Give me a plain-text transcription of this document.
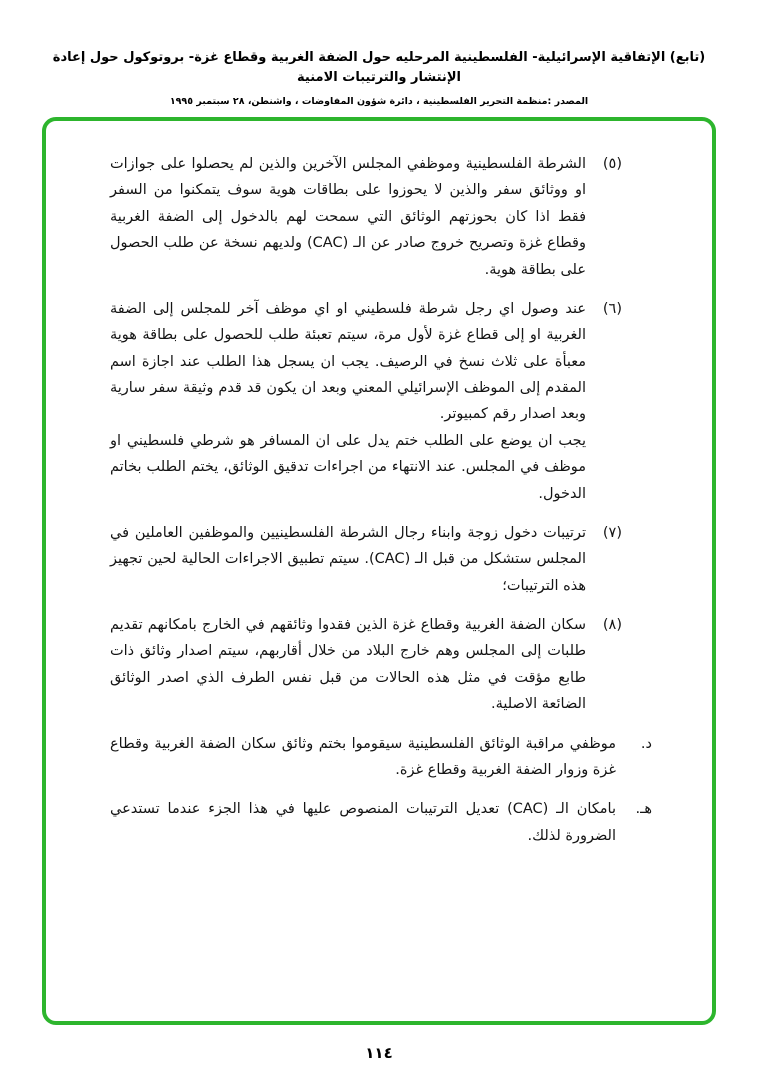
(تابع) الإتفاقية الإسرائيلية- الفلسطينية المرحليه حول الضفة الغربية وقطاع غزة- بروتوكول حول إعادة الإنتشار والترتيبات الامنية
المصدر :منظمة التحرير الفلسطينية ، دائرة شؤون المفاوضات ، واشنطن، ٢٨ سبتمبر ١٩٩٥
(٥)

الشرطة الفلسطينية وموظفي المجلس الآخرين والذين لم يحصلوا على جوازات او ووثائق سفر والذين لا يحوزوا على بطاقات هوية سوف يتمكنوا من السفر فقط اذا كان بحوزتهم الوثائق التي سمحت لهم بالدخول إلى الضفة الغربية وقطاع غزة وتصريح خروج صادر عن الـ (CAC) ولديهم نسخة عن طلب الحصول على بطاقة هوية.

(٦)

عند وصول اي رجل شرطة فلسطيني او اي موظف آخر للمجلس إلى الضفة الغربية او إلى قطاع غزة لأول مرة، سيتم تعبئة طلب للحصول على بطاقة هوية معبأة على ثلاث نسخ في الرصيف. يجب ان يسجل هذا الطلب عند اجازة اسم المقدم إلى الموظف الإسرائيلي المعني وبعد ان يكون قد قدم وثيقة سفر سارية وبعد اصدار رقم كمبيوتر.

يجب ان يوضع على الطلب ختم يدل على ان المسافر هو شرطي فلسطيني او موظف في المجلس. عند الانتهاء من اجراءات تدقيق الوثائق، يختم الطلب بخاتم الدخول.

(٧)

ترتيبات دخول زوجة وابناء رجال الشرطة الفلسطينيين والموظفين العاملين في المجلس ستشكل من قبل الـ (CAC). سيتم تطبيق الاجراءات الحالية لحين تجهيز هذه الترتيبات؛

(٨)

سكان الضفة الغربية وقطاع غزة الذين فقدوا وثائقهم في الخارج بامكانهم تقديم طلبات إلى المجلس وهم خارج البلاد من خلال أقاربهم، سيتم اصدار وثائق ذات طابع مؤقت في مثل هذه الحالات من قبل نفس الطرف الذي اصدر الوثائق الضائعة الاصلية.

د.

موظفي مراقبة الوثائق الفلسطينية سيقوموا بختم وثائق سكان الضفة الغربية وقطاع غزة وزوار الضفة الغربية وقطاع غزة.

هـ.

بامكان الـ (CAC) تعديل الترتيبات المنصوص عليها في هذا الجزء عندما تستدعي الضرورة لذلك.

١١٤
